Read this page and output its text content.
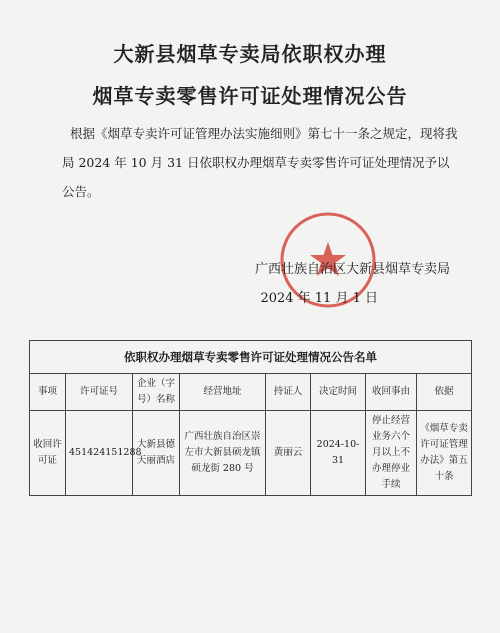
大新县烟草专卖局依职权办理
烟草专卖零售许可证处理情况公告
根据《烟草专卖许可证管理办法实施细则》第七十一条之规定，现将我局 2024 年 10 月 31 日依职权办理烟草专卖零售许可证处理情况予以公告。
广西壮族自治区大新县烟草专卖局
2024 年 11 月 1 日
依职权办理烟草专卖零售许可证处理情况公告名单							
事项	许可证号	企业（字号）名称	经营地址	持证人	决定时间	收回事由	依据
收回许可证	451424151288	大新县德天丽酒店	广西壮族自治区崇左市大新县硕龙镇硕龙街 280 号	黄丽云	2024-10-31	停止经营业务六个月以上不办理停业手续	《烟草专卖许可证管理办法》第五十条
